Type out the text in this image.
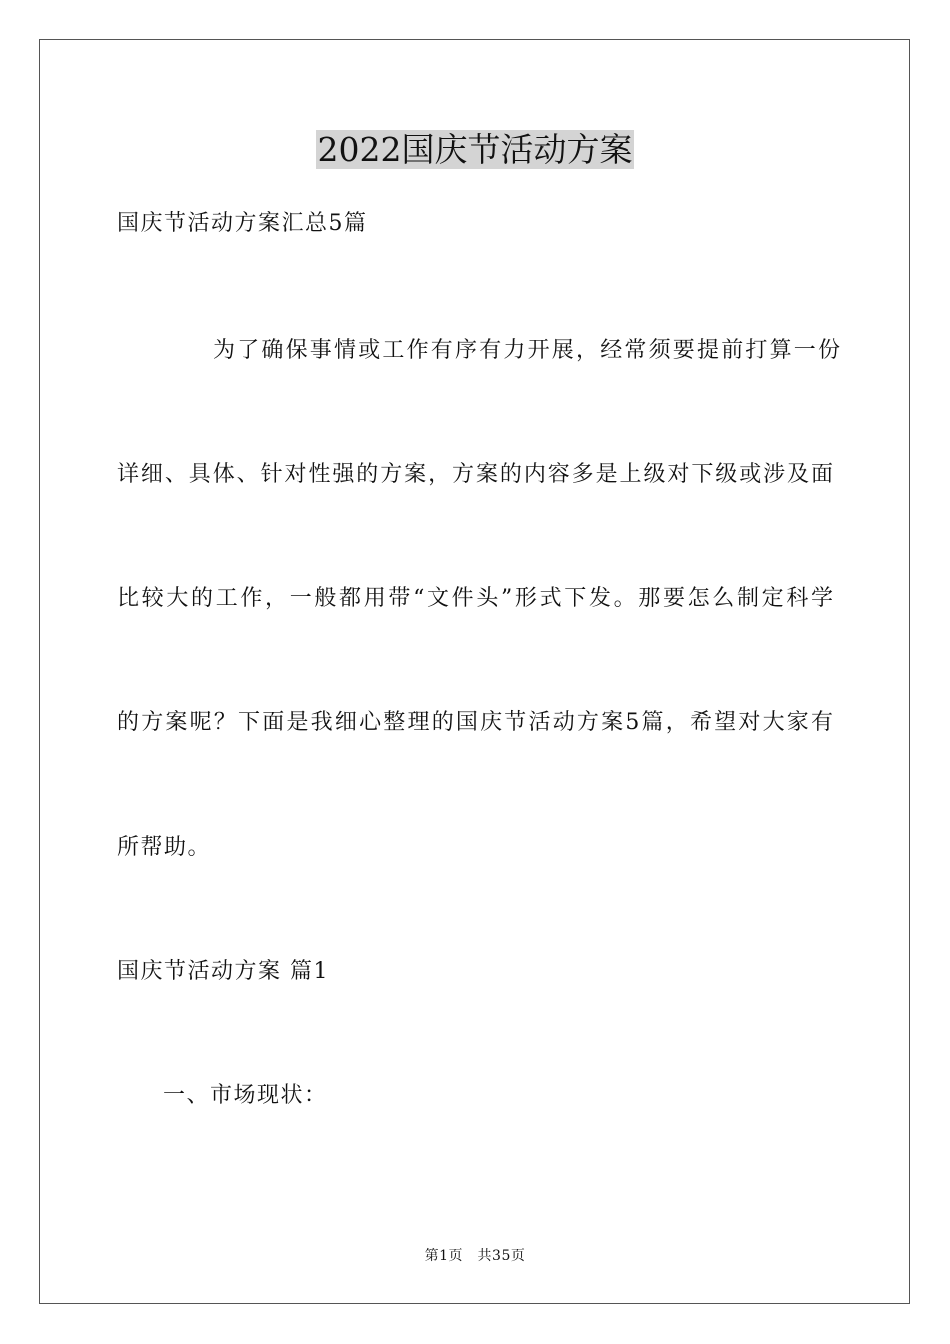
2022国庆节活动方案

国庆节活动方案汇总5篇

为了确保事情或工作有序有力开展，经常须要提前打算一份

详细、具体、针对性强的方案，方案的内容多是上级对下级或涉及面

比较大的工作，一般都用带“文件头”形式下发。那要怎么制定科学

的方案呢？下面是我细心整理的国庆节活动方案5篇，希望对大家有

所帮助。

国庆节活动方案 篇1

一、市场现状：

第1页　共35页
